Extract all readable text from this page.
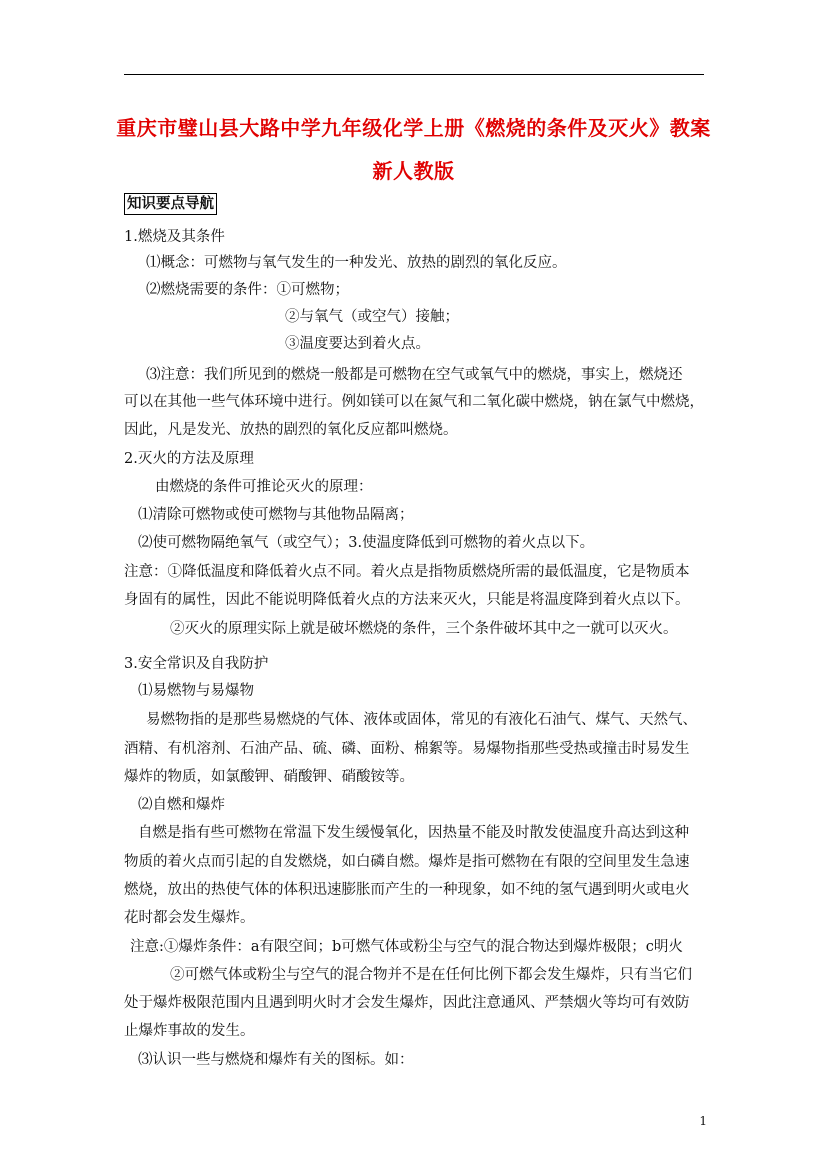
重庆市璧山县大路中学九年级化学上册《燃烧的条件及灭火》教案
新人教版
知识要点导航
1.燃烧及其条件
⑴概念：可燃物与氧气发生的一种发光、放热的剧烈的氧化反应。
⑵燃烧需要的条件：①可燃物；
②与氧气（或空气）接触；
③温度要达到着火点。
⑶注意：我们所见到的燃烧一般都是可燃物在空气或氧气中的燃烧，事实上，燃烧还
可以在其他一些气体环境中进行。例如镁可以在氮气和二氧化碳中燃烧，钠在氯气中燃烧，
因此，凡是发光、放热的剧烈的氧化反应都叫燃烧。
2.灭火的方法及原理
由燃烧的条件可推论灭火的原理：
⑴清除可燃物或使可燃物与其他物品隔离；
⑵使可燃物隔绝氧气（或空气）；3.使温度降低到可燃物的着火点以下。
注意：①降低温度和降低着火点不同。着火点是指物质燃烧所需的最低温度，它是物质本
身固有的属性，因此不能说明降低着火点的方法来灭火，只能是将温度降到着火点以下。
②灭火的原理实际上就是破坏燃烧的条件，三个条件破坏其中之一就可以灭火。
3.安全常识及自我防护
⑴易燃物与易爆物
易燃物指的是那些易燃烧的气体、液体或固体，常见的有液化石油气、煤气、天然气、
酒精、有机溶剂、石油产品、硫、磷、面粉、棉絮等。易爆物指那些受热或撞击时易发生
爆炸的物质，如氯酸钾、硝酸钾、硝酸铵等。
⑵自燃和爆炸
自燃是指有些可燃物在常温下发生缓慢氧化，因热量不能及时散发使温度升高达到这种
物质的着火点而引起的自发燃烧，如白磷自燃。爆炸是指可燃物在有限的空间里发生急速
燃烧，放出的热使气体的体积迅速膨胀而产生的一种现象，如不纯的氢气遇到明火或电火
花时都会发生爆炸。
注意:①爆炸条件：a有限空间；b可燃气体或粉尘与空气的混合物达到爆炸极限；c明火
②可燃气体或粉尘与空气的混合物并不是在任何比例下都会发生爆炸，只有当它们
处于爆炸极限范围内且遇到明火时才会发生爆炸，因此注意通风、严禁烟火等均可有效防
止爆炸事故的发生。
⑶认识一些与燃烧和爆炸有关的图标。如：
1
